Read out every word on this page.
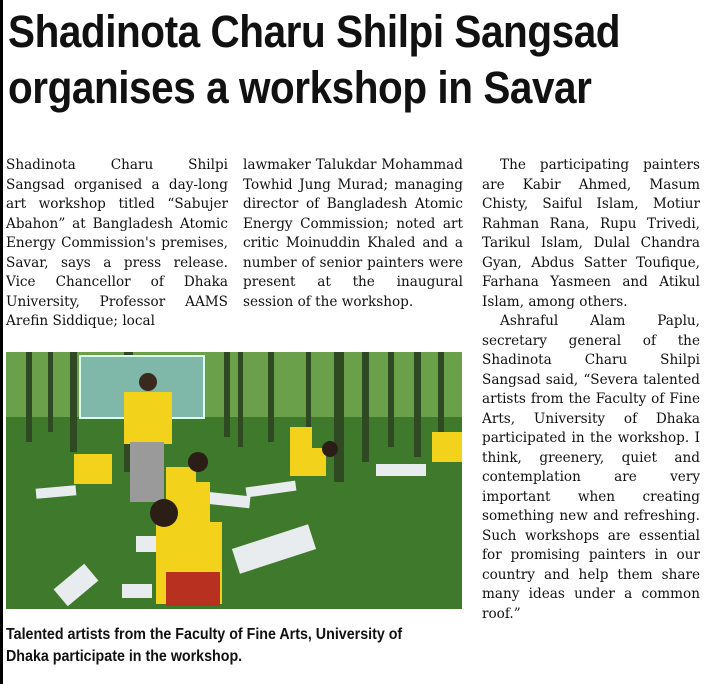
Shadinota Charu Shilpi Sangsad
organises a workshop in Savar

Shadinota Charu Shilpi Sangsad organised a day-long art workshop titled “Sabujer Abahon” at Bangladesh Atomic Energy Commission's premises, Savar, says a press release. Vice Chancellor of Dhaka University, Professor AAMS Arefin Siddique; local

lawmaker Talukdar Mohammad Towhid Jung Murad; managing director of Bangladesh Atomic Energy Commission; noted art critic Moinuddin Khaled and a number of senior painters were present at the inaugural session of the workshop.

The participating painters are Kabir Ahmed, Masum Chisty, Saiful Islam, Motiur Rahman Rana, Rupu Trivedi, Tarikul Islam, Dulal Chandra Gyan, Abdus Satter Toufique, Farhana Yasmeen and Atikul Islam, among others.

Ashraful Alam Paplu, secretary general of the Shadinota Charu Shilpi Sangsad said, “Severa talented artists from the Faculty of Fine Arts, University of Dhaka participated in the workshop. I think, greenery, quiet and contemplation are very important when creating something new and refreshing. Such workshops are essential for promising painters in our country and help them share many ideas under a common roof.”

Talented artists from the Faculty of Fine Arts, University of
Dhaka participate in the workshop.
